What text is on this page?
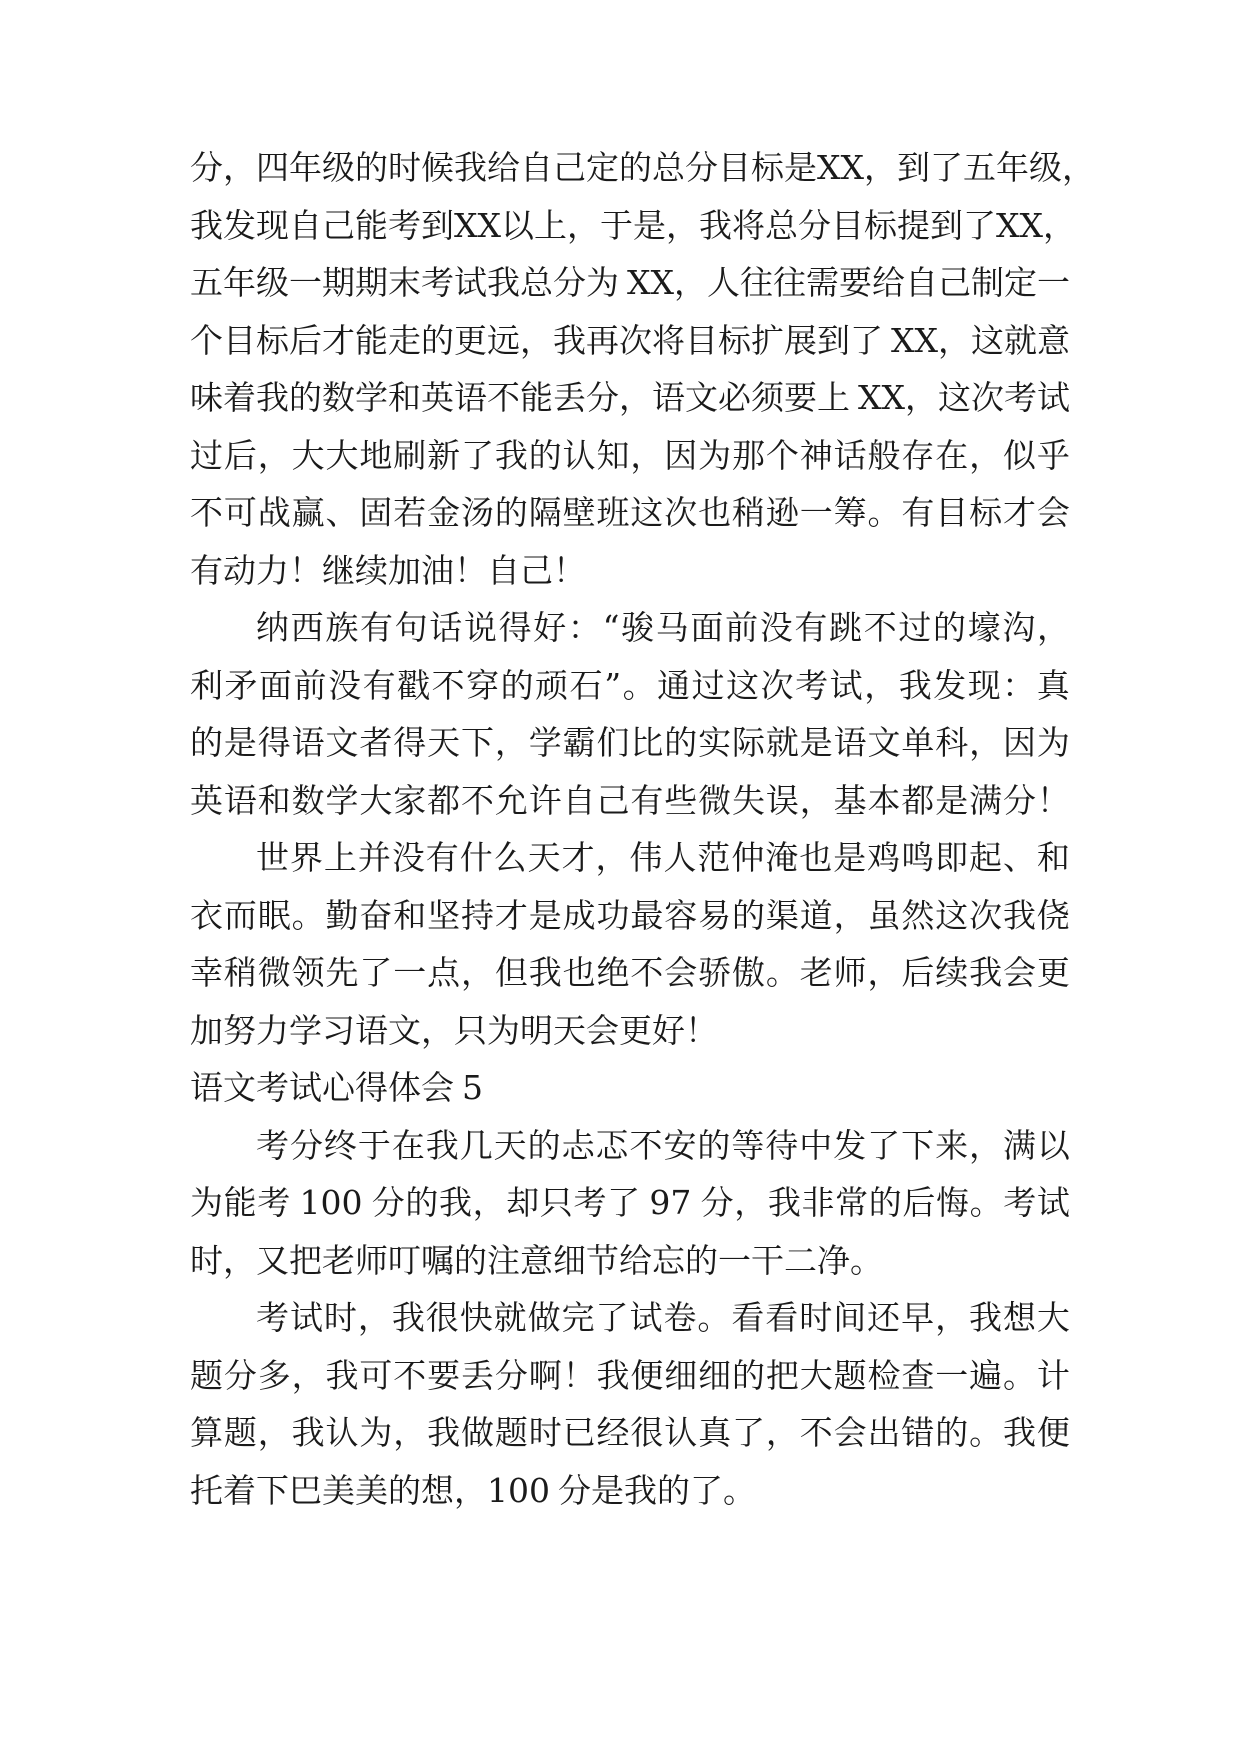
分 ， 四 年 级 的 时 候 我 给 自 己 定 的 总 分 目 标 是 XX ， 到 了 五 年 级 ，
我 发 现 自 己 能 考 到 XX 以 上 ， 于 是 ， 我 将 总 分 目 标 提 到 了 XX ，
五 年 级 一 期 期 末 考 试 我 总 分 为 XX ， 人 往 往 需 要 给 自 己 制 定 一
个 目 标 后 才 能 走 的 更 远 ， 我 再 次 将 目 标 扩 展 到 了 XX ， 这 就 意
味 着 我 的 数 学 和 英 语 不 能 丢 分 ， 语 文 必 须 要 上 XX ， 这 次 考 试
过 后 ， 大 大 地 刷 新 了 我 的 认 知 ， 因 为 那 个 神 话 般 存 在 ， 似 乎
不 可 战 赢 、 固 若 金 汤 的 隔 壁 班 这 次 也 稍 逊 一 筹 。 有 目 标 才 会
有 动 力 ！ 继 续 加 油 ！ 自 己 ！
纳 西 族 有 句 话 说 得 好 ： “ 骏 马 面 前 没 有 跳 不 过 的 壕 沟 ，
利 矛 面 前 没 有 戳 不 穿 的 顽 石 ” 。 通 过 这 次 考 试 ， 我 发 现 ： 真
的 是 得 语 文 者 得 天 下 ， 学 霸 们 比 的 实 际 就 是 语 文 单 科 ， 因 为
英 语 和 数 学 大 家 都 不 允 许 自 己 有 些 微 失 误 ， 基 本 都 是 满 分 ！
世 界 上 并 没 有 什 么 天 才 ， 伟 人 范 仲 淹 也 是 鸡 鸣 即 起 、 和
衣 而 眠 。 勤 奋 和 坚 持 才 是 成 功 最 容 易 的 渠 道 ， 虽 然 这 次 我 侥
幸 稍 微 领 先 了 一 点 ， 但 我 也 绝 不 会 骄 傲 。 老 师 ， 后 续 我 会 更
加 努 力 学 习 语 文 ， 只 为 明 天 会 更 好 ！
语 文 考 试 心 得 体 会 5
考 分 终 于 在 我 几 天 的 忐 忑 不 安 的 等 待 中 发 了 下 来 ， 满 以
为 能 考 100 分 的 我 ， 却 只 考 了 97 分 ， 我 非 常 的 后 悔 。 考 试
时 ， 又 把 老 师 叮 嘱 的 注 意 细 节 给 忘 的 一 干 二 净 。
考 试 时 ， 我 很 快 就 做 完 了 试 卷 。 看 看 时 间 还 早 ， 我 想 大
题 分 多 ， 我 可 不 要 丢 分 啊 ！ 我 便 细 细 的 把 大 题 检 查 一 遍 。 计
算 题 ， 我 认 为 ， 我 做 题 时 已 经 很 认 真 了 ， 不 会 出 错 的 。 我 便
托 着 下 巴 美 美 的 想 ， 100 分 是 我 的 了 。
